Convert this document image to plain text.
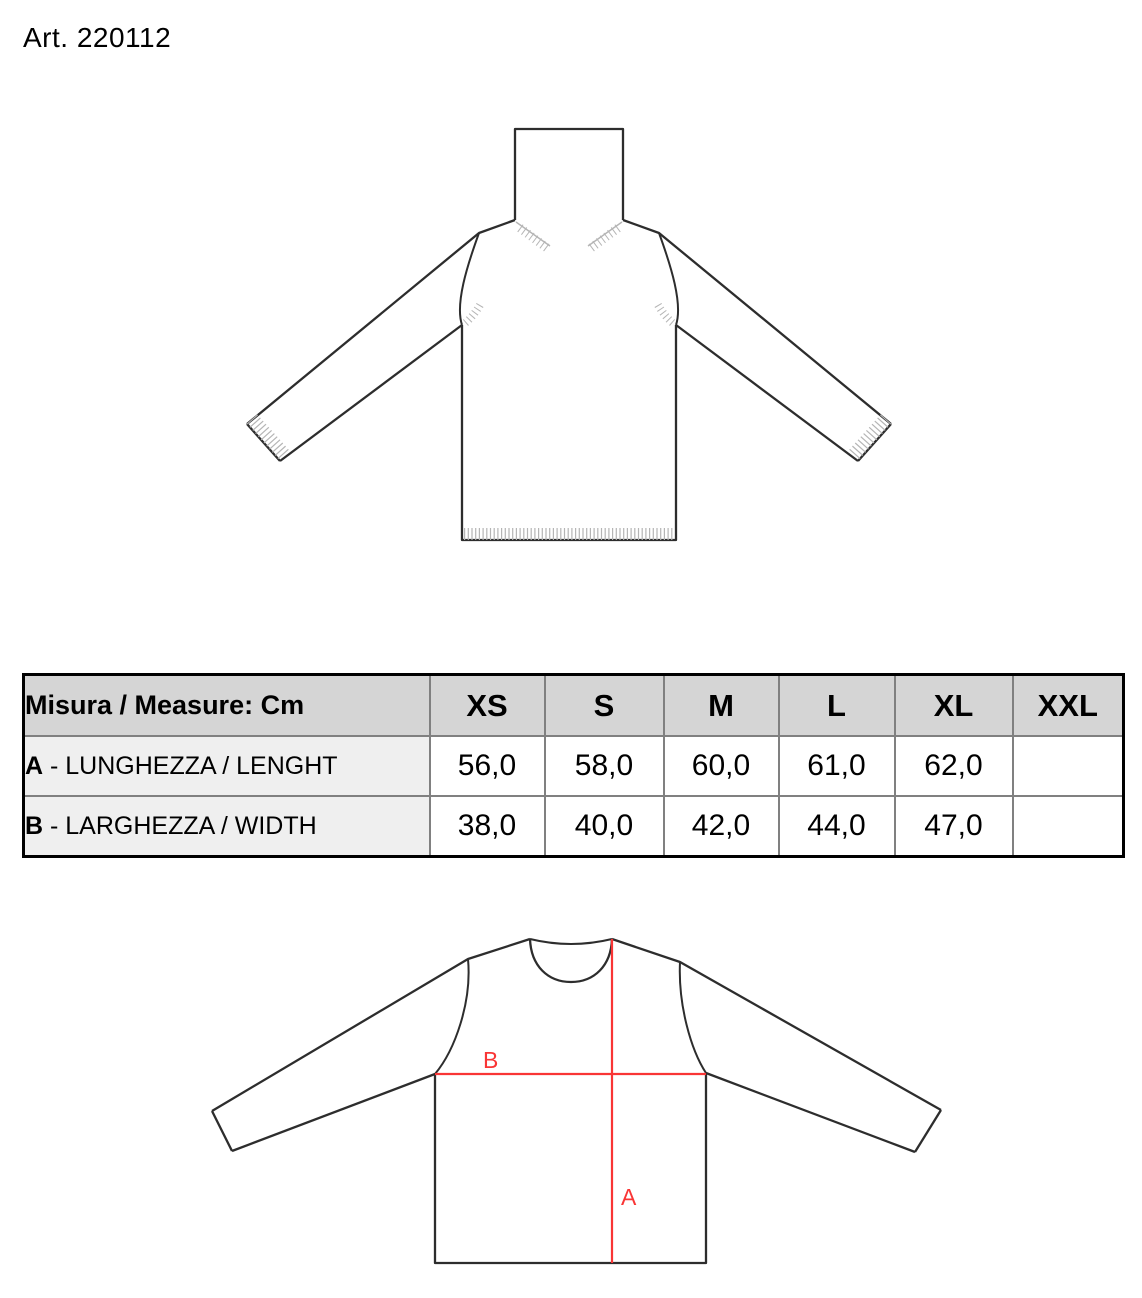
Art. 220112
Misura / Measure: Cm	XS	S	M	L	XL	XXL
A - LUNGHEZZA / LENGHT	56,0	58,0	60,0	61,0	62,0	
B - LARGHEZZA / WIDTH	38,0	40,0	42,0	44,0	47,0	
B
A
